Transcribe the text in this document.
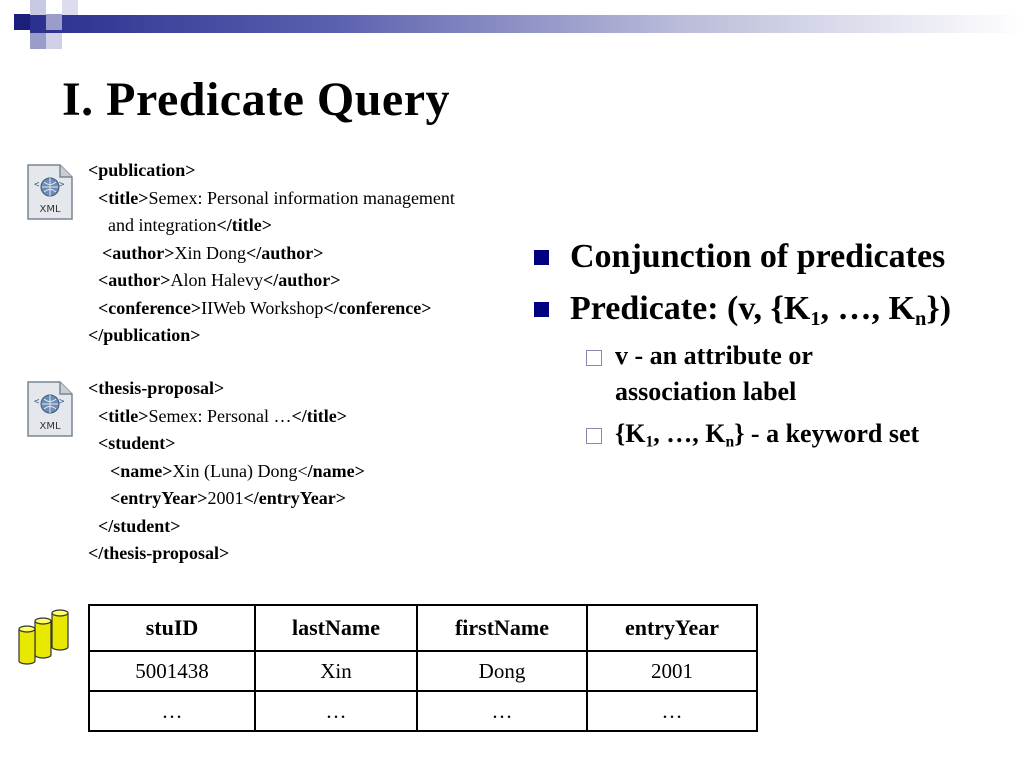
I. Predicate Query
< >
XML
<publication>
<title>Semex: Personal information management
and integration</title>
<author>Xin Dong</author>
<author>Alon Halevy</author>
<conference>IIWeb Workshop</conference>
</publication>
< >
XML
<thesis-proposal>
<title>Semex: Personal …</title>
<student>
<name>Xin (Luna) Dong</name>
<entryYear>2001</entryYear>
</student>
</thesis-proposal>
Conjunction of predicates
Predicate: (v, {$K_1$, …, $K_n$})
v - an attribute or
association label
{$K_1$, …, $K_n$} - a keyword set
stuID	lastName	firstName	entryYear
5001438	Xin	Dong	2001
…	…	…	…
